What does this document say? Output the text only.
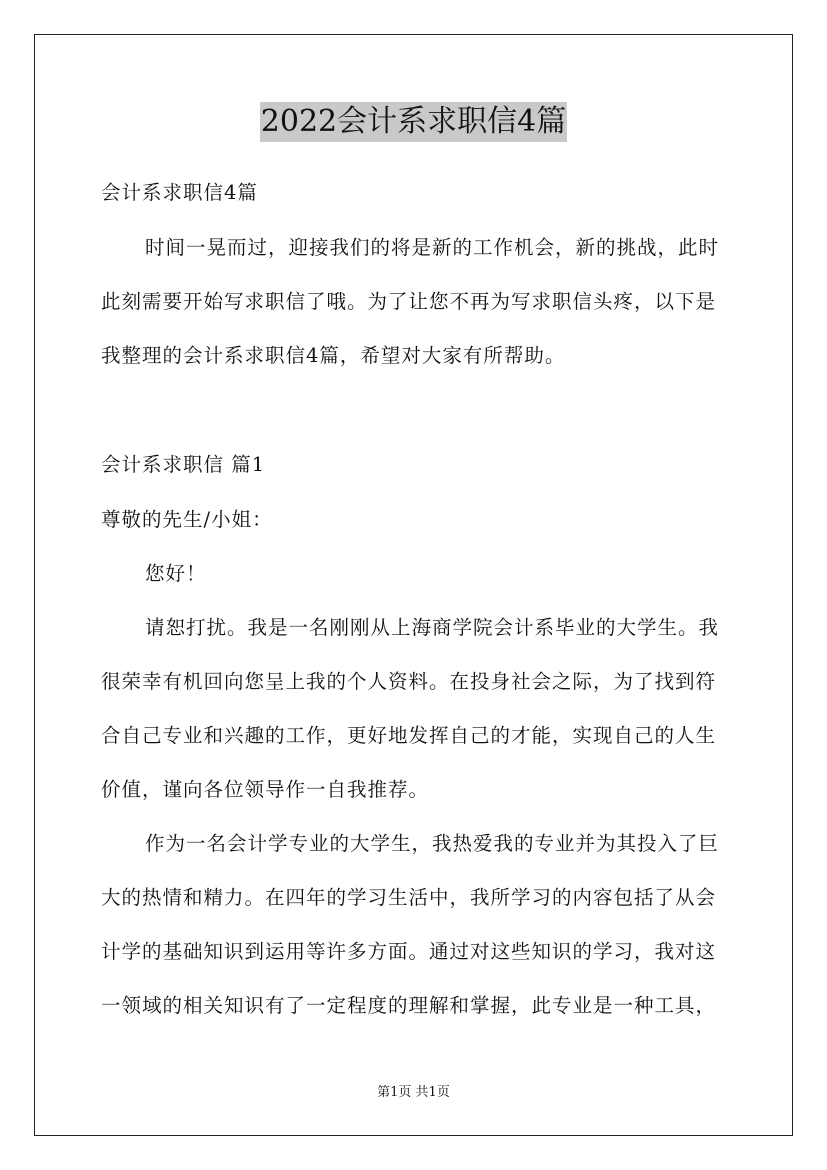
2022会计系求职信4篇
会计系求职信4篇
时间一晃而过，迎接我们的将是新的工作机会，新的挑战，此时
此刻需要开始写求职信了哦。为了让您不再为写求职信头疼，以下是
我整理的会计系求职信4篇，希望对大家有所帮助。
会计系求职信 篇1
尊敬的先生/小姐：
您好！
请恕打扰。我是一名刚刚从上海商学院会计系毕业的大学生。我
很荣幸有机回向您呈上我的个人资料。在投身社会之际，为了找到符
合自己专业和兴趣的工作，更好地发挥自己的才能，实现自己的人生
价值，谨向各位领导作一自我推荐。
作为一名会计学专业的大学生，我热爱我的专业并为其投入了巨
大的热情和精力。在四年的学习生活中，我所学习的内容包括了从会
计学的基础知识到运用等许多方面。通过对这些知识的学习，我对这
一领域的相关知识有了一定程度的理解和掌握，此专业是一种工具，
第1页 共1页
